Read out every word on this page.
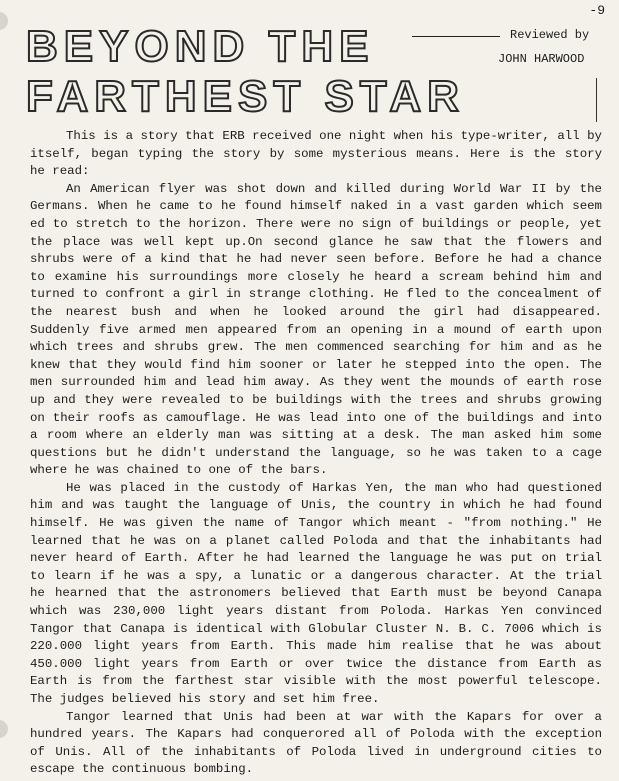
-9
BEYOND THE
FARTHEST STAR
Reviewed by
JOHN HARWOOD

This is a story that ERB received one night when his type-writer, all by itself, began typing the story by some mysterious means. Here is the story he read:

An American flyer was shot down and killed during World War II by the Germans. When he came to he found himself naked in a vast garden which seem ed to stretch to the horizon. There were no sign of buildings or people, yet the place was well kept up.On second glance he saw that the flowers and shrubs were of a kind that he had never seen before. Before he had a chance to examine his surroundings more closely he heard a scream behind him and turned to confront a girl in strange clothing. He fled to the concealment of the nearest bush and when he looked around the girl had disappeared. Suddenly five armed men appeared from an opening in a mound of earth upon which trees and shrubs grew. The men commenced searching for him and as he knew that they would find him sooner or later he stepped into the open. The men surrounded him and lead him away. As they went the mounds of earth rose up and they were revealed to be buildings with the trees and shrubs growing on their roofs as camouflage. He was lead into one of the buildings and into a room where an elderly man was sitting at a desk. The man asked him some questions but he didn't understand the language, so he was taken to a cage where he was chained to one of the bars.

He was placed in the custody of Harkas Yen, the man who had questioned him and was taught the language of Unis, the country in which he had found himself. He was given the name of Tangor which meant - "from nothing." He learned that he was on a planet called Poloda and that the inhabitants had never heard of Earth. After he had learned the language he was put on trial to learn if he was a spy, a lunatic or a dangerous character. At the trial he hearned that the astronomers believed that Earth must be beyond Canapa which was 230,000 light years distant from Poloda. Harkas Yen convinced Tangor that Canapa is identical with Globular Cluster N. B. C. 7006 which is 220.000 light years from Earth. This made him realise that he was about 450.000 light years from Earth or over twice the distance from Earth as Earth is from the farthest star visible with the most powerful telescope. The judges believed his story and set him free.

Tangor learned that Unis had been at war with the Kapars for over a hundred years. The Kapars had conquerored all of Poloda with the exception of Unis. All of the inhabitants of Poloda lived in underground cities to escape the continuous bombing.
